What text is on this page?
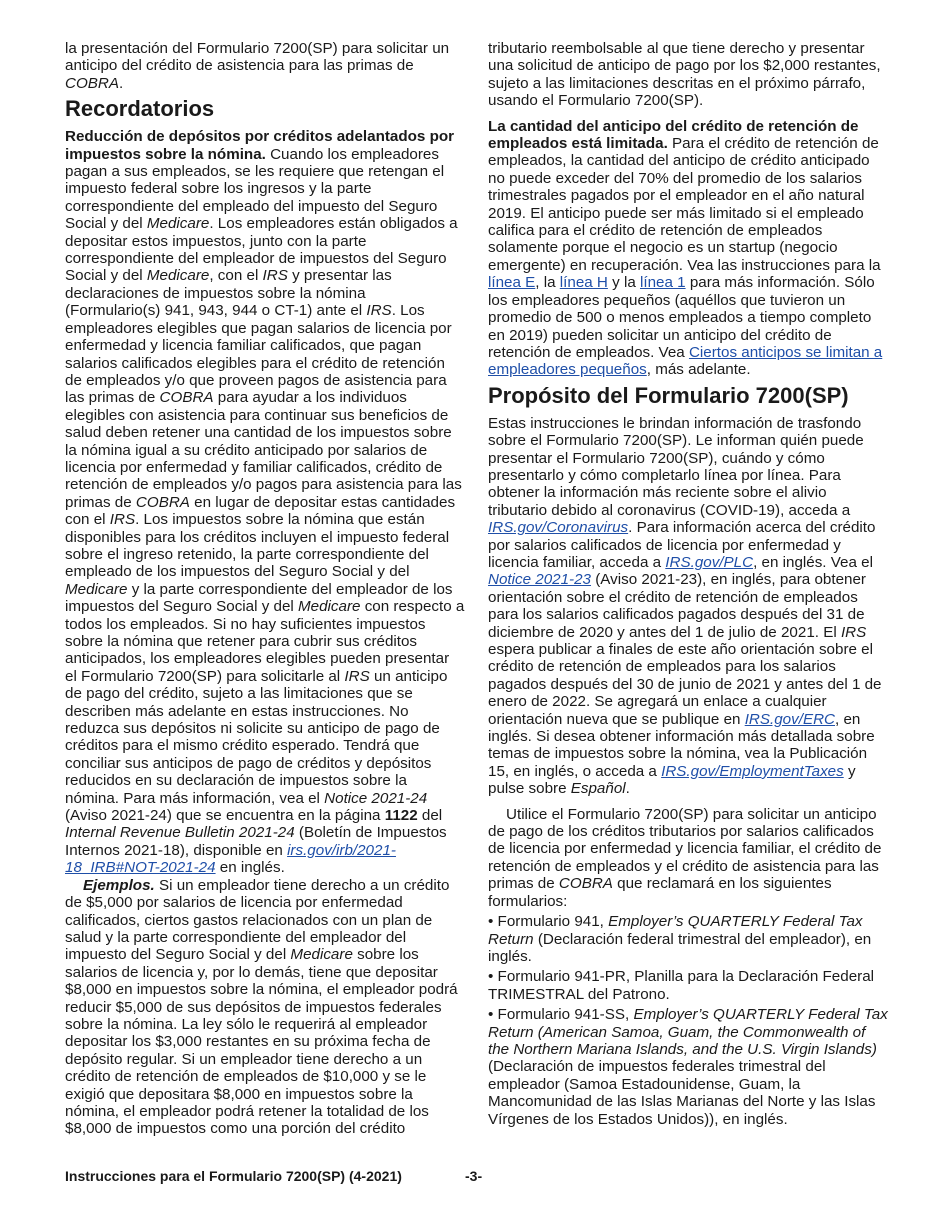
la presentación del Formulario 7200(SP) para solicitar un anticipo del crédito de asistencia para las primas de COBRA.

Recordatorios

Reducción de depósitos por créditos adelantados por impuestos sobre la nómina. Cuando los empleadores pagan a sus empleados, se les requiere que retengan el impuesto federal sobre los ingresos y la parte correspondiente del empleado del impuesto del Seguro Social y del Medicare. Los empleadores están obligados a depositar estos impuestos, junto con la parte correspondiente del empleador de impuestos del Seguro Social y del Medicare, con el IRS y presentar las declaraciones de impuestos sobre la nómina (Formulario(s) 941, 943, 944 o CT-1) ante el IRS. Los empleadores elegibles que pagan salarios de licencia por enfermedad y licencia familiar calificados, que pagan salarios calificados elegibles para el crédito de retención de empleados y/o que proveen pagos de asistencia para las primas de COBRA para ayudar a los individuos elegibles con asistencia para continuar sus beneficios de salud deben retener una cantidad de los impuestos sobre la nómina igual a su crédito anticipado por salarios de licencia por enfermedad y familiar calificados, crédito de retención de empleados y/o pagos para asistencia para las primas de COBRA en lugar de depositar estas cantidades con el IRS. Los impuestos sobre la nómina que están disponibles para los créditos incluyen el impuesto federal sobre el ingreso retenido, la parte correspondiente del empleado de los impuestos del Seguro Social y del Medicare y la parte correspondiente del empleador de los impuestos del Seguro Social y del Medicare con respecto a todos los empleados. Si no hay suficientes impuestos sobre la nómina que retener para cubrir sus créditos anticipados, los empleadores elegibles pueden presentar el Formulario 7200(SP) para solicitarle al IRS un anticipo de pago del crédito, sujeto a las limitaciones que se describen más adelante en estas instrucciones. No reduzca sus depósitos ni solicite su anticipo de pago de créditos para el mismo crédito esperado. Tendrá que conciliar sus anticipos de pago de créditos y depósitos reducidos en su declaración de impuestos sobre la nómina. Para más información, vea el Notice 2021-24 (Aviso 2021-24) que se encuentra en la página 1122 del Internal Revenue Bulletin 2021-24 (Boletín de Impuestos Internos 2021-18), disponible en irs.gov/irb/2021-18_IRB#NOT-2021-24 en inglés.

Ejemplos. Si un empleador tiene derecho a un crédito de $5,000 por salarios de licencia por enfermedad calificados, ciertos gastos relacionados con un plan de salud y la parte correspondiente del empleador del impuesto del Seguro Social y del Medicare sobre los salarios de licencia y, por lo demás, tiene que depositar $8,000 en impuestos sobre la nómina, el empleador podrá reducir $5,000 de sus depósitos de impuestos federales sobre la nómina. La ley sólo le requerirá al empleador depositar los $3,000 restantes en su próxima fecha de depósito regular. Si un empleador tiene derecho a un crédito de retención de empleados de $10,000 y se le exigió que depositara $8,000 en impuestos sobre la nómina, el empleador podrá retener la totalidad de los $8,000 de impuestos como una porción del crédito

tributario reembolsable al que tiene derecho y presentar una solicitud de anticipo de pago por los $2,000 restantes, sujeto a las limitaciones descritas en el próximo párrafo, usando el Formulario 7200(SP).

La cantidad del anticipo del crédito de retención de empleados está limitada. Para el crédito de retención de empleados, la cantidad del anticipo de crédito anticipado no puede exceder del 70% del promedio de los salarios trimestrales pagados por el empleador en el año natural 2019. El anticipo puede ser más limitado si el empleado califica para el crédito de retención de empleados solamente porque el negocio es un startup (negocio emergente) en recuperación. Vea las instrucciones para la línea E, la línea H y la línea 1 para más información. Sólo los empleadores pequeños (aquéllos que tuvieron un promedio de 500 o menos empleados a tiempo completo en 2019) pueden solicitar un anticipo del crédito de retención de empleados. Vea Ciertos anticipos se limitan a empleadores pequeños, más adelante.

Propósito del Formulario 7200(SP)

Estas instrucciones le brindan información de trasfondo sobre el Formulario 7200(SP). Le informan quién puede presentar el Formulario 7200(SP), cuándo y cómo presentarlo y cómo completarlo línea por línea. Para obtener la información más reciente sobre el alivio tributario debido al coronavirus (COVID-19), acceda a IRS.gov/Coronavirus. Para información acerca del crédito por salarios calificados de licencia por enfermedad y licencia familiar, acceda a IRS.gov/PLC, en inglés. Vea el Notice 2021-23 (Aviso 2021-23), en inglés, para obtener orientación sobre el crédito de retención de empleados para los salarios calificados pagados después del 31 de diciembre de 2020 y antes del 1 de julio de 2021. El IRS espera publicar a finales de este año orientación sobre el crédito de retención de empleados para los salarios pagados después del 30 de junio de 2021 y antes del 1 de enero de 2022. Se agregará un enlace a cualquier orientación nueva que se publique en IRS.gov/ERC, en inglés. Si desea obtener información más detallada sobre temas de impuestos sobre la nómina, vea la Publicación 15, en inglés, o acceda a IRS.gov/EmploymentTaxes y pulse sobre Español.

Utilice el Formulario 7200(SP) para solicitar un anticipo de pago de los créditos tributarios por salarios calificados de licencia por enfermedad y licencia familiar, el crédito de retención de empleados y el crédito de asistencia para las primas de COBRA que reclamará en los siguientes formularios:

• Formulario 941, Employer’s QUARTERLY Federal Tax Return (Declaración federal trimestral del empleador), en inglés.

• Formulario 941-PR, Planilla para la Declaración Federal TRIMESTRAL del Patrono.

• Formulario 941-SS, Employer’s QUARTERLY Federal Tax Return (American Samoa, Guam, the Commonwealth of the Northern Mariana Islands, and the U.S. Virgin Islands) (Declaración de impuestos federales trimestral del empleador (Samoa Estadounidense, Guam, la Mancomunidad de las Islas Marianas del Norte y las Islas Vírgenes de los Estados Unidos)), en inglés.

Instrucciones para el Formulario 7200(SP) (4-2021)	-3-
